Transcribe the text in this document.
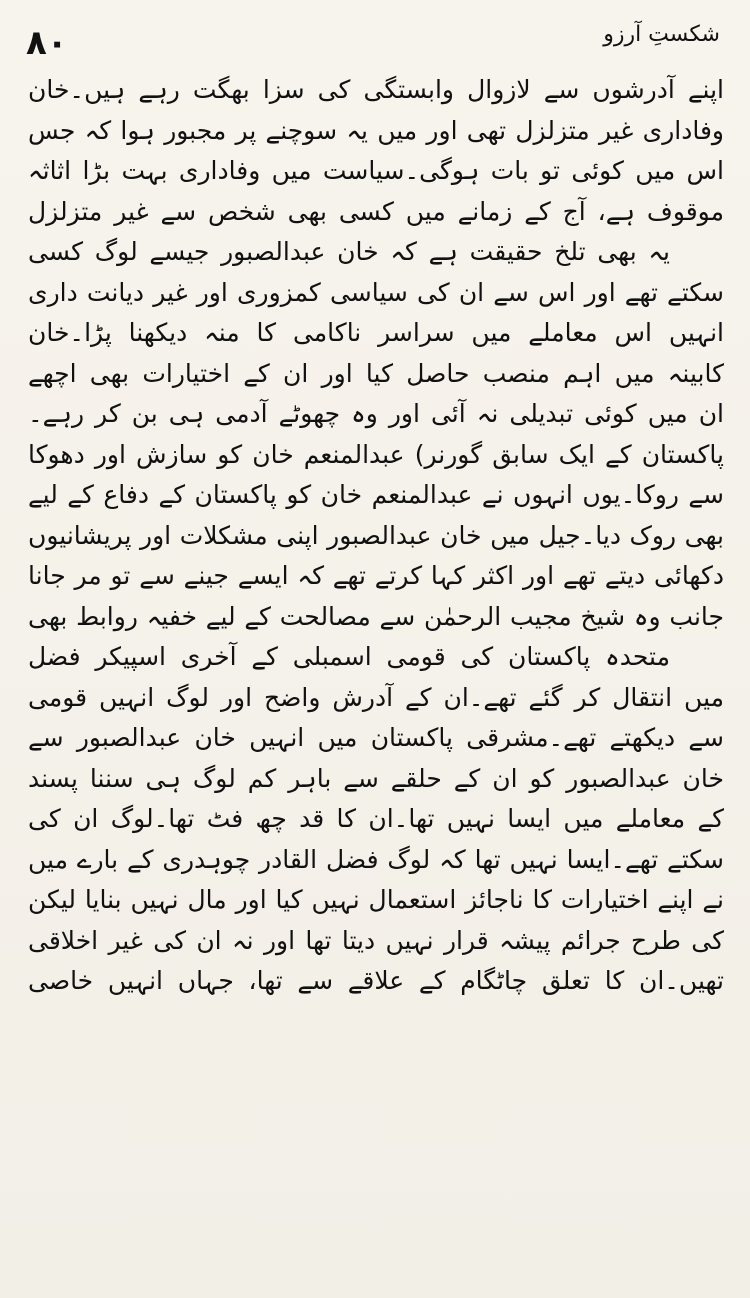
۸۰	شکستِ آرزو
اپنے آدرشوں سے لازوال وابستگی کی سزا بھگت رہے ہیں۔خان
وفاداری غیر متزلزل تھی اور میں یہ سوچنے پر مجبور ہوا کہ جس
اس میں کوئی تو بات ہوگی۔سیاست میں وفاداری بہت بڑا اثاثہ
موقوف ہے، آج کے زمانے میں کسی بھی شخص سے غیر متزلزل
یہ بھی تلخ حقیقت ہے کہ خان عبدالصبور جیسے لوگ کسی
سکتے تھے اور اس سے ان کی سیاسی کمزوری اور غیر دیانت داری
انہیں اس معاملے میں سراسر ناکامی کا منہ دیکھنا پڑا۔خان
کابینہ میں اہم منصب حاصل کیا اور ان کے اختیارات بھی اچھے
ان میں کوئی تبدیلی نہ آئی اور وہ چھوٹے آدمی ہی بن کر رہے۔
پاکستان کے ایک سابق گورنر) عبدالمنعم خان کو سازش اور دھوکا
سے روکا۔یوں انہوں نے عبدالمنعم خان کو پاکستان کے دفاع کے لیے
بھی روک دیا۔جیل میں خان عبدالصبور اپنی مشکلات اور پریشانیوں
دکھائی دیتے تھے اور اکثر کہا کرتے تھے کہ ایسے جینے سے تو مر جانا
جانب وہ شیخ مجیب الرحمٰن سے مصالحت کے لیے خفیہ روابط بھی
متحدہ پاکستان کی قومی اسمبلی کے آخری اسپیکر فضل
میں انتقال کر گئے تھے۔ان کے آدرش واضح اور لوگ انہیں قومی
سے دیکھتے تھے۔مشرقی پاکستان میں انہیں خان عبدالصبور سے
خان عبدالصبور کو ان کے حلقے سے باہر کم لوگ ہی سننا پسند
کے معاملے میں ایسا نہیں تھا۔ان کا قد چھ فٹ تھا۔لوگ ان کی
سکتے تھے۔ایسا نہیں تھا کہ لوگ فضل القادر چوہدری کے بارے میں
نے اپنے اختیارات کا ناجائز استعمال نہیں کیا اور مال نہیں بنایا لیکن
کی طرح جرائم پیشہ قرار نہیں دیتا تھا اور نہ ان کی غیر اخلاقی
تھیں۔ان کا تعلق چاٹگام کے علاقے سے تھا، جہاں انہیں خاصی
